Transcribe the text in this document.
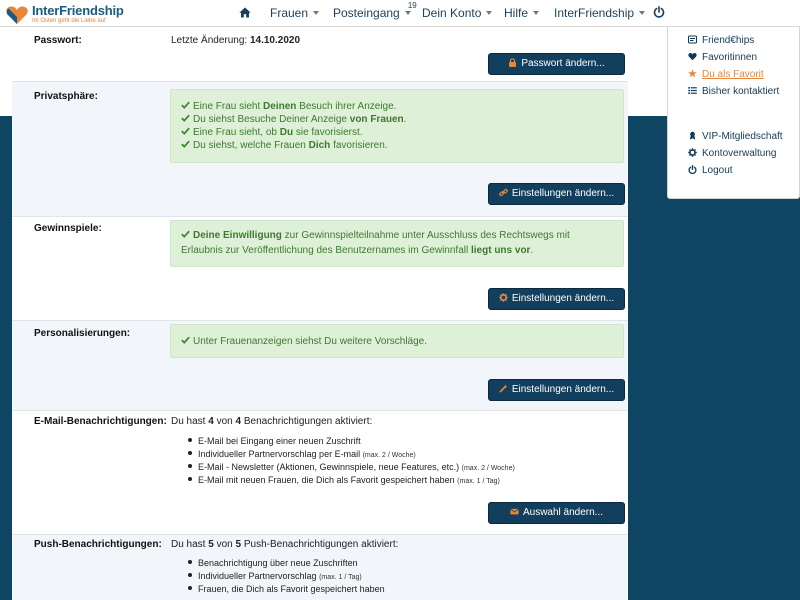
InterFriendship
Im Osten geht die Liebe auf
Frauen	Posteingang
19
Dein Konto	Hilfe	InterFriendship
Passwort:	Letzte Änderung: 14.10.2020
Passwort ändern...
Privatsphäre:
Eine Frau sieht Deinen Besuch ihrer Anzeige.
Du siehst Besuche Deiner Anzeige von Frauen.
Eine Frau sieht, ob Du sie favorisierst.
Du siehst, welche Frauen Dich favorisieren.
Einstellungen ändern...
Gewinnspiele:
Deine Einwilligung zur Gewinnspielteilnahme unter Ausschluss des Rechtswegs mit Erlaubnis zur Veröffentlichung des Benutzernames im Gewinnfall liegt uns vor.
Einstellungen ändern...
Personalisierungen:
Unter Frauenanzeigen siehst Du weitere Vorschläge.
Einstellungen ändern...
E-Mail-Benachrichtigungen: Du hast 4 von 4 Benachrichtigungen aktiviert:
E-Mail bei Eingang einer neuen Zuschrift
Individueller Partnervorschlag per E-mail (max. 2 / Woche)
E-Mail - Newsletter (Aktionen, Gewinnspiele, neue Features, etc.) (max. 2 / Woche)
E-Mail mit neuen Frauen, die Dich als Favorit gespeichert haben (max. 1 / Tag)
Auswahl ändern...
Push-Benachrichtigungen: Du hast 5 von 5 Push-Benachrichtigungen aktiviert:
Benachrichtigung über neue Zuschriften
Individueller Partnervorschlag (max. 1 / Tag)
Frauen, die Dich als Favorit gespeichert haben
Friend€hips
Favoritinnen
Du als Favorit
Bisher kontaktiert
VIP-Mitgliedschaft
Kontoverwaltung
Logout
